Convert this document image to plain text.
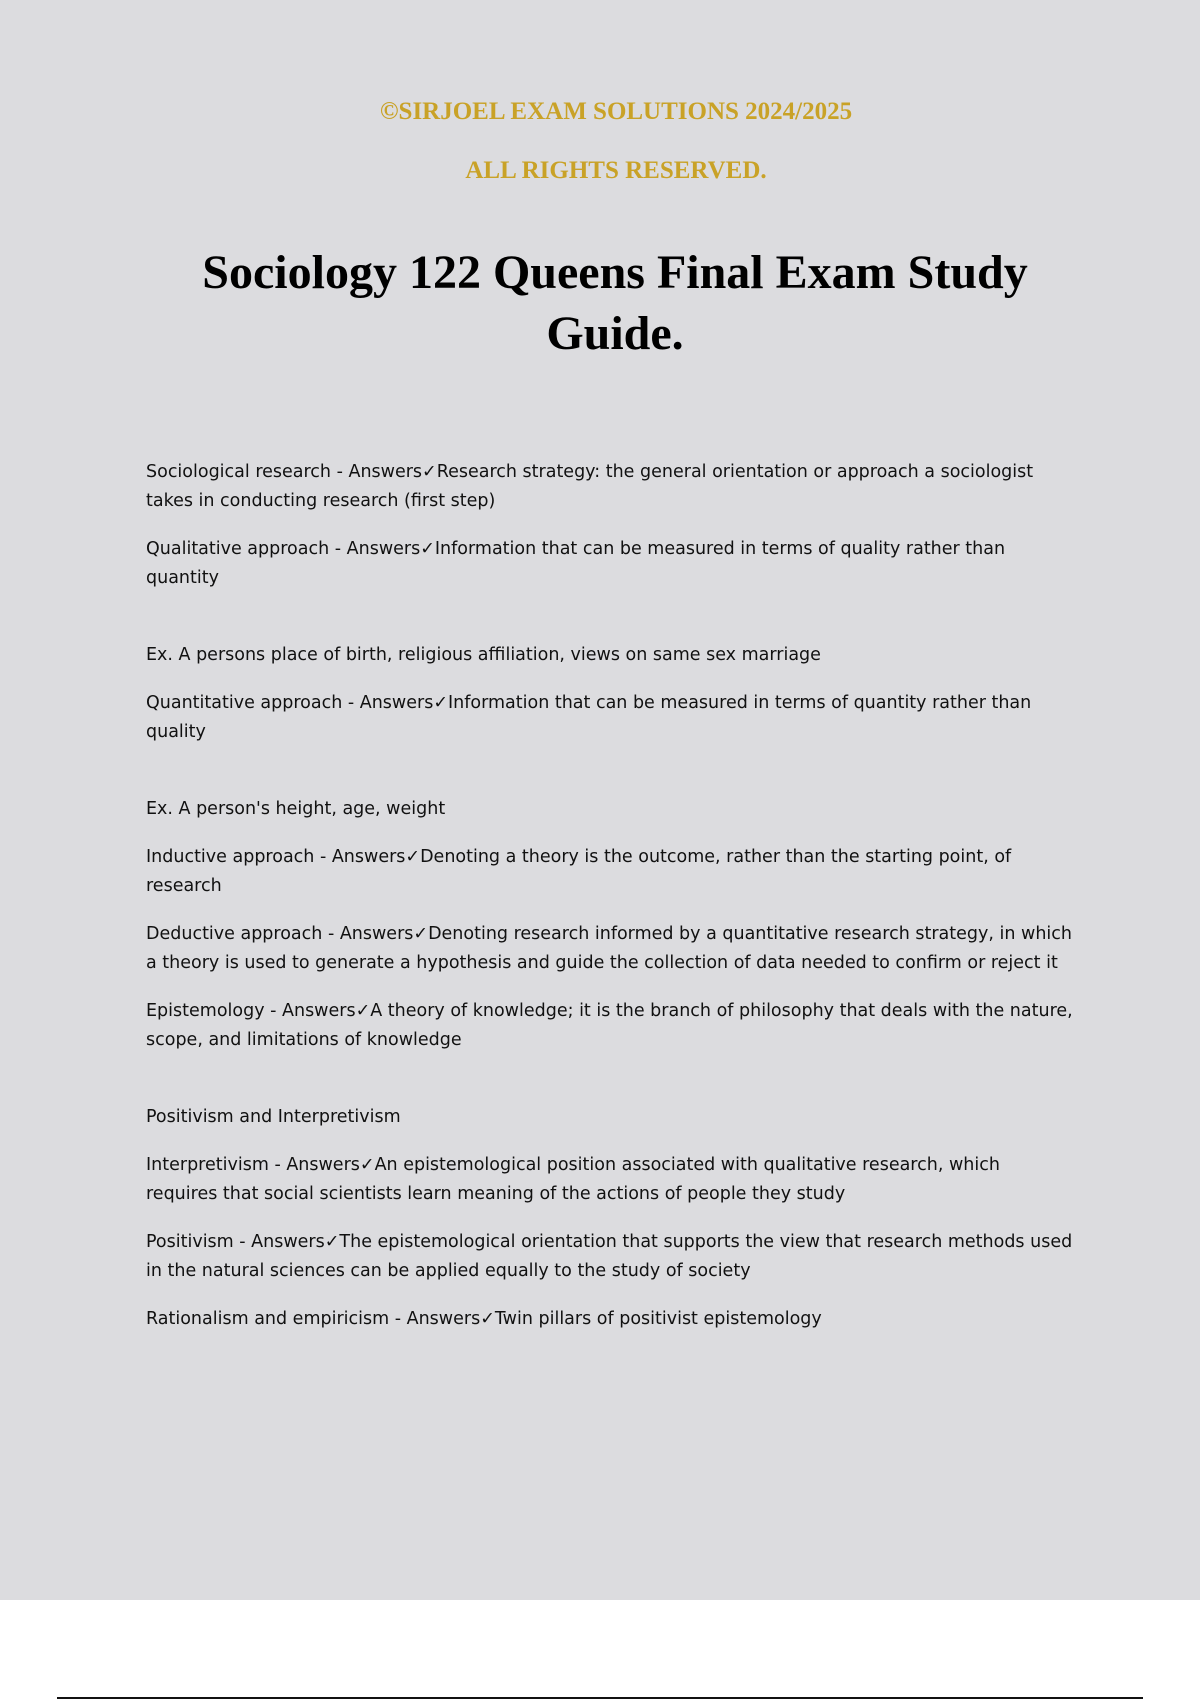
©SIRJOEL EXAM SOLUTIONS 2024/2025

ALL RIGHTS RESERVED.

Sociology 122 Queens Final Exam Study Guide.

Sociological research - Answers✓Research strategy: the general orientation or approach a sociologist takes in conducting research (first step)

Qualitative approach - Answers✓Information that can be measured in terms of quality rather than quantity

Ex. A persons place of birth, religious affiliation, views on same sex marriage

Quantitative approach - Answers✓Information that can be measured in terms of quantity rather than quality

Ex. A person's height, age, weight

Inductive approach - Answers✓Denoting a theory is the outcome, rather than the starting point, of research

Deductive approach - Answers✓Denoting research informed by a quantitative research strategy, in which a theory is used to generate a hypothesis and guide the collection of data needed to confirm or reject it

Epistemology - Answers✓A theory of knowledge; it is the branch of philosophy that deals with the nature, scope, and limitations of knowledge

Positivism and Interpretivism

Interpretivism - Answers✓An epistemological position associated with qualitative research, which requires that social scientists learn meaning of the actions of people they study

Positivism - Answers✓The epistemological orientation that supports the view that research methods used in the natural sciences can be applied equally to the study of society

Rationalism and empiricism - Answers✓Twin pillars of positivist epistemology
